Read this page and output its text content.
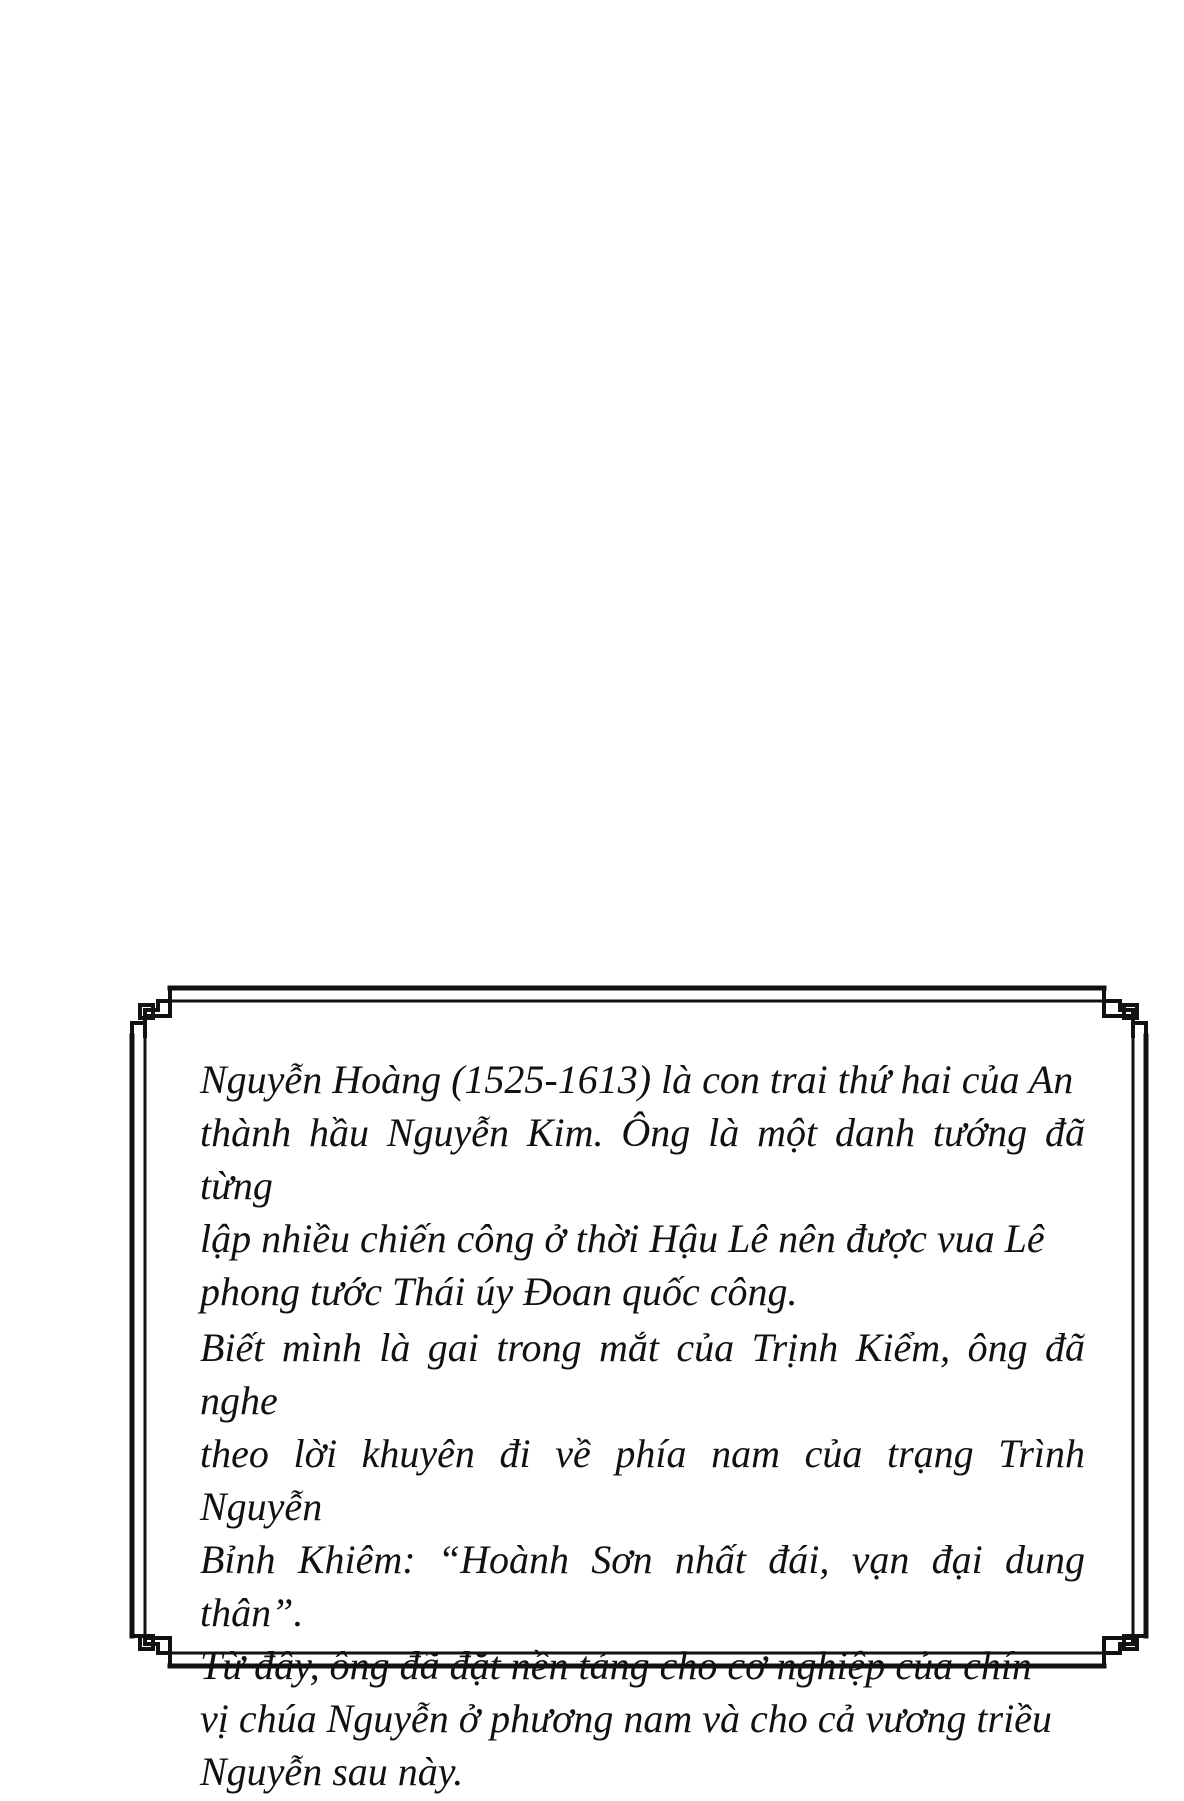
Nguyễn Hoàng (1525-1613) là con trai thứ hai của An
thành hầu Nguyễn Kim. Ông là một danh tướng đã từng
lập nhiều chiến công ở thời Hậu Lê nên được vua Lê
phong tước Thái úy Đoan quốc công.

Biết mình là gai trong mắt của Trịnh Kiểm, ông đã nghe
theo lời khuyên đi về phía nam của trạng Trình Nguyễn
Bỉnh Khiêm: “Hoành Sơn nhất đái, vạn đại dung thân”.
Từ đây, ông đã đặt nền tảng cho cơ nghiệp của chín
vị chúa Nguyễn ở phương nam và cho cả vương triều
Nguyễn sau này.
